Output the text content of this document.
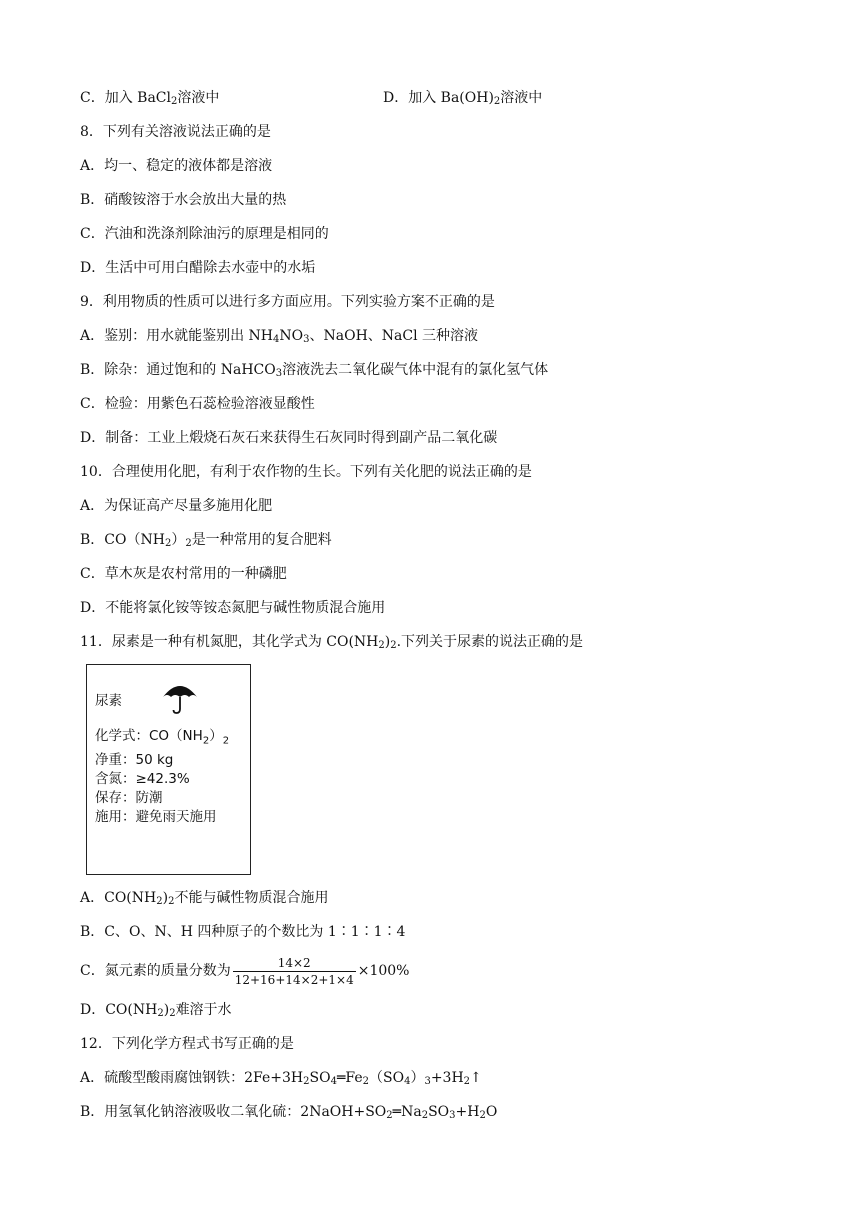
C．加入 BaCl$_2$溶液中	D．加入 $Ba(OH)_2$溶液中
8．下列有关溶液说法正确的是
A．均一、稳定的液体都是溶液
B．硝酸铵溶于水会放出大量的热
C．汽油和洗涤剂除油污的原理是相同的
D．生活中可用白醋除去水壶中的水垢
9．利用物质的性质可以进行多方面应用。下列实验方案不正确的是
A．鉴别：用水就能鉴别出 $NH_4NO_3$、NaOH、NaCl 三种溶液
B．除杂：通过饱和的 NaHCO$_3$溶液洗去二氧化碳气体中混有的氯化氢气体
C．检验：用紫色石蕊检验溶液显酸性
D．制备：工业上煅烧石灰石来获得生石灰同时得到副产品二氧化碳
10．合理使用化肥，有利于农作物的生长。下列有关化肥的说法正确的是
A．为保证高产尽量多施用化肥
B．$CO(NH_2)_2$是一种常用的复合肥料
C．草木灰是农村常用的一种磷肥
D．不能将氯化铵等铵态氮肥与碱性物质混合施用
11．尿素是一种有机氮肥，其化学式为 $CO(NH_2)_2$.下列关于尿素的说法正确的是
尿素
化学式：$CO(NH_2)_2$
净重：50 kg
含氮：≥42.3%
保存：防潮
施用：避免雨天施用
A．$CO(NH_2)_2$不能与碱性物质混合施用
B．C、O、N、H 四种原子的个数比为 1∶1∶1∶4
C．氮元素的质量分数为 $\frac{14\times 2}{12+16+14\times 2+1\times 4} \times 100\%$
D．$CO(NH_2)_2$难溶于水
12．下列化学方程式书写正确的是
A．硫酸型酸雨腐蚀钢铁：$2Fe+3H_2SO_4═Fe_2(SO_4)_3+3H_2↑$
B．用氢氧化钠溶液吸收二氧化硫：$2NaOH+SO_2═Na_2SO_3+H_2O$
